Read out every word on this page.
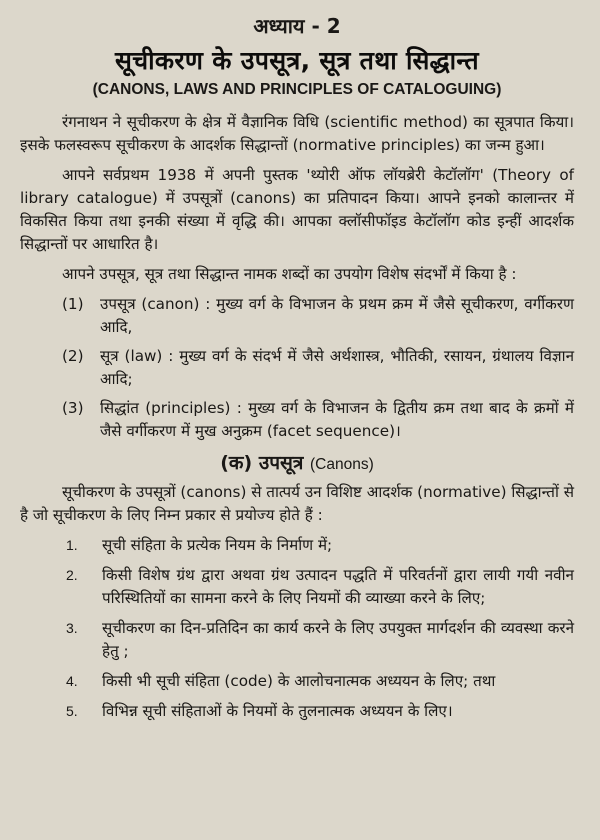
अध्याय - 2
सूचीकरण के उपसूत्र, सूत्र तथा सिद्धान्त
(CANONS, LAWS AND PRINCIPLES OF CATALOGUING)

रंगनाथन ने सूचीकरण के क्षेत्र में वैज्ञानिक विधि (scientific method) का सूत्रपात किया। इसके फलस्वरूप सूचीकरण के आदर्शक सिद्धान्तों (normative principles) का जन्म हुआ।

आपने सर्वप्रथम 1938 में अपनी पुस्तक 'थ्योरी ऑफ लॉयब्रेरी केटॉलॉग' (Theory of library catalogue) में उपसूत्रों (canons) का प्रतिपादन किया। आपने इनको कालान्तर में विकसित किया तथा इनकी संख्या में वृद्धि की। आपका क्लॉसीफॉइड केटॉलॉग कोड इन्हीं आदर्शक सिद्धान्तों पर आधारित है।

आपने उपसूत्र, सूत्र तथा सिद्धान्त नामक शब्दों का उपयोग विशेष संदर्भों में किया है :

(1)	उपसूत्र (canon) : मुख्य वर्ग के विभाजन के प्रथम क्रम में जैसे सूचीकरण, वर्गीकरण आदि,
(2)	सूत्र (law) : मुख्य वर्ग के संदर्भ में जैसे अर्थशास्त्र, भौतिकी, रसायन, ग्रंथालय विज्ञान आदि;
(3)	सिद्धांत (principles) : मुख्य वर्ग के विभाजन के द्वितीय क्रम तथा बाद के क्रमों में जैसे वर्गीकरण में मुख अनुक्रम (facet sequence)।
(क) उपसूत्र (Canons)

सूचीकरण के उपसूत्रों (canons) से तात्पर्य उन विशिष्ट आदर्शक (normative) सिद्धान्तों से है जो सूचीकरण के लिए निम्न प्रकार से प्रयोज्य होते हैं :

1.	सूची संहिता के प्रत्येक नियम के निर्माण में;
2.	किसी विशेष ग्रंथ द्वारा अथवा ग्रंथ उत्पादन पद्धति में परिवर्तनों द्वारा लायी गयी नवीन परिस्थितियों का सामना करने के लिए नियमों की व्याख्या करने के लिए;
3.	सूचीकरण का दिन-प्रतिदिन का कार्य करने के लिए उपयुक्त मार्गदर्शन की व्यवस्था करने हेतु ;
4.	किसी भी सूची संहिता (code) के आलोचनात्मक अध्ययन के लिए; तथा
5.	विभिन्न सूची संहिताओं के नियमों के तुलनात्मक अध्ययन के लिए।
